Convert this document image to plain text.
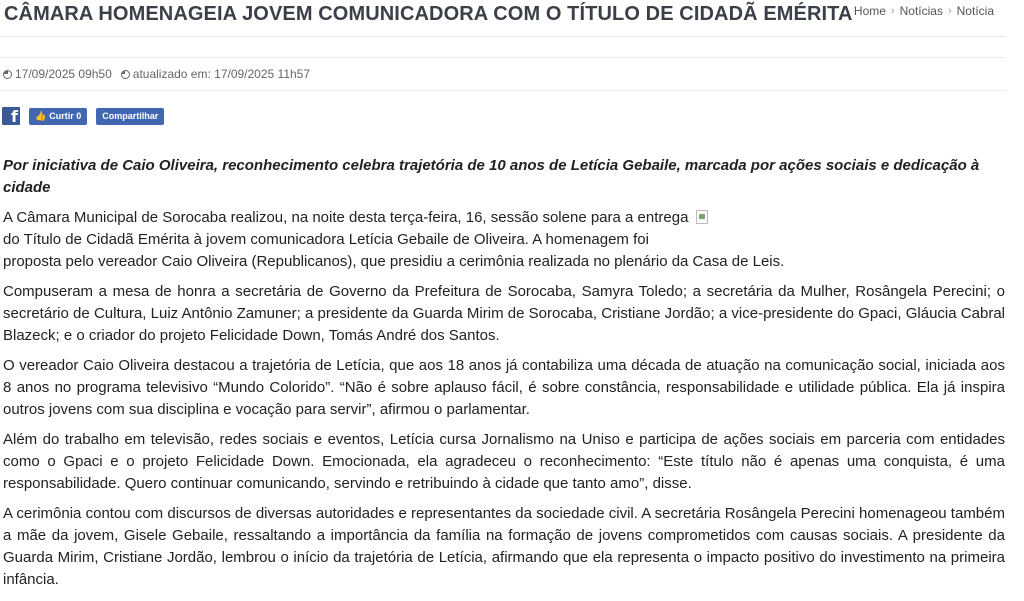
CÂMARA HOMENAGEIA JOVEM COMUNICADORA COM O TÍTULO DE CIDADÃ EMÉRITA Home › Notícias › Notícia
17/09/2025 09h50 atualizado em: 17/09/2025 11h57
f 👍 Curtir 0 Compartilhar

Por iniciativa de Caio Oliveira, reconhecimento celebra trajetória de 10 anos de Letícia Gebaile, marcada por ações sociais e dedicação à cidade

A Câmara Municipal de Sorocaba realizou, na noite desta terça-feira, 16, sessão solene para a entrega
do Título de Cidadã Emérita à jovem comunicadora Letícia Gebaile de Oliveira. A homenagem foi
proposta pelo vereador Caio Oliveira (Republicanos), que presidiu a cerimônia realizada no plenário da Casa de Leis.

Compuseram a mesa de honra a secretária de Governo da Prefeitura de Sorocaba, Samyra Toledo; a secretária da Mulher, Rosângela Perecini; o secretário de Cultura, Luiz Antônio Zamuner; a presidente da Guarda Mirim de Sorocaba, Cristiane Jordão; a vice-presidente do Gpaci, Gláucia Cabral Blazeck; e o criador do projeto Felicidade Down, Tomás André dos Santos.

O vereador Caio Oliveira destacou a trajetória de Letícia, que aos 18 anos já contabiliza uma década de atuação na comunicação social, iniciada aos 8 anos no programa televisivo “Mundo Colorido”. “Não é sobre aplauso fácil, é sobre constância, responsabilidade e utilidade pública. Ela já inspira outros jovens com sua disciplina e vocação para servir”, afirmou o parlamentar.

Além do trabalho em televisão, redes sociais e eventos, Letícia cursa Jornalismo na Uniso e participa de ações sociais em parceria com entidades como o Gpaci e o projeto Felicidade Down. Emocionada, ela agradeceu o reconhecimento: “Este título não é apenas uma conquista, é uma responsabilidade. Quero continuar comunicando, servindo e retribuindo à cidade que tanto amo”, disse.

A cerimônia contou com discursos de diversas autoridades e representantes da sociedade civil. A secretária Rosângela Perecini homenageou também a mãe da jovem, Gisele Gebaile, ressaltando a importância da família na formação de jovens comprometidos com causas sociais. A presidente da Guarda Mirim, Cristiane Jordão, lembrou o início da trajetória de Letícia, afirmando que ela representa o impacto positivo do investimento na primeira infância.
